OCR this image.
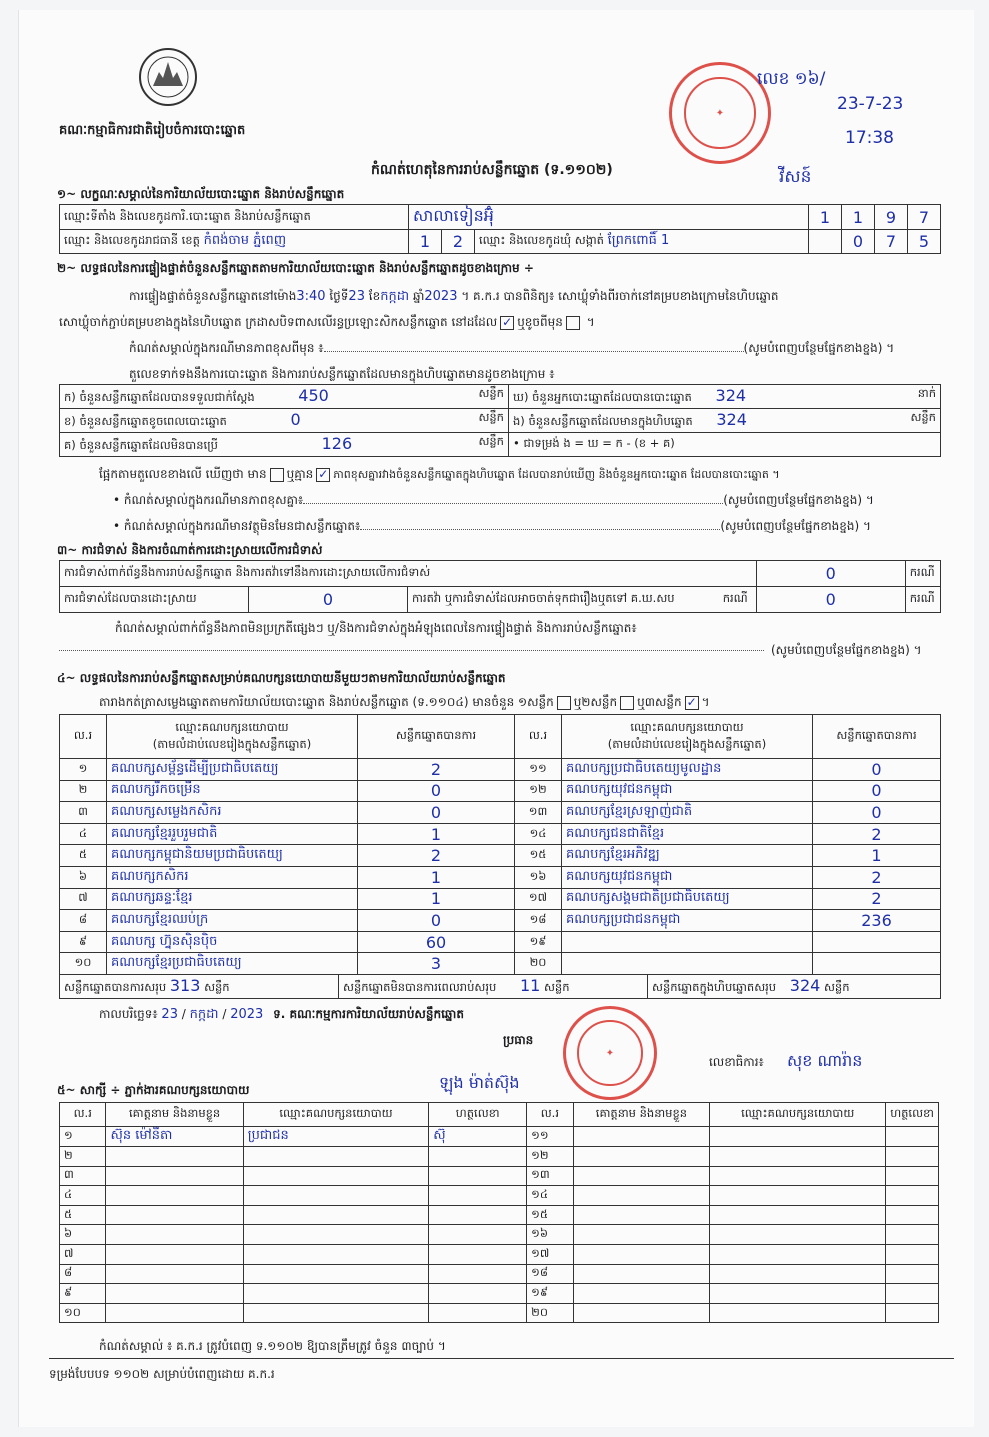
គណៈកម្មាធិការជាតិរៀបចំការបោះឆ្នោត
កំណត់ហេតុនៃការរាប់សន្លឹកឆ្នោត (ទ.១១០២)
✦
លេខ ១៦/
23-7-23
17:38
វីសន៍
១~ លក្ខណៈសម្គាល់នៃការិយាល័យបោះឆ្នោត និងរាប់សន្លឹកឆ្នោត
ឈ្មោះទីតាំង និងលេខកូដការិ.បោះឆ្នោត និងរាប់សន្លឹកឆ្នោត	សាលាទៀនអ៊ុំ			1	1	9	7
ឈ្មោះ និងលេខកូដរាជធានី ខេត្ត កំពង់ចាម ភ្នំពេញ	1	2	ឈ្មោះ និងលេខកូដឃុំ សង្កាត់ ព្រែកពោធិ៍ 1		0	7	5
២~ លទ្ធផលនៃការផ្ទៀងផ្ទាត់ចំនួនសន្លឹកឆ្នោតតាមការិយាល័យបោះឆ្នោត និងរាប់សន្លឹកឆ្នោតដូចខាងក្រោម ÷
ការផ្ទៀងផ្ទាត់ចំនួនសន្លឹកឆ្នោតនៅម៉ោង3:40 ថ្ងៃទី23 ខែកក្កដា ឆ្នាំ2023 ។ គ.ក.រ បានពិនិត្យ៖ សោឃ្លុំទាំងពីរចាក់នៅគម្របខាងក្រោមនៃហិបឆ្នោត
សោឃ្លុំចាក់ភ្ជាប់គម្របខាងក្នុងនៃហិបឆ្នោត ក្រដាសបិទពាសលើរន្ធប្រឡោះសិកសន្លឹកឆ្នោត នៅដដែល ✓ ឬខូចពីមុន ។
កំណត់សម្គាល់ក្នុងករណីមានភាពខុសពីមុន ៖	(សូមបំពេញបន្ថែមផ្នែកខាងខ្នង) ។
តួលេខទាក់ទងនឹងការបោះឆ្នោត និងការរាប់សន្លឹកឆ្នោតដែលមានក្នុងហិបឆ្នោតមានដូចខាងក្រោម ៖
ក) ចំនួនសន្លឹកឆ្នោតដែលបានទទួលជាក់ស្តែង 450 សន្លឹក	ឃ) ចំនួនអ្នកបោះឆ្នោតដែលបានបោះឆ្នោត 324 នាក់

ខ) ចំនួនសន្លឹកឆ្នោតខូចពេលបោះឆ្នោត 0 សន្លឹក	ង) ចំនួនសន្លឹកឆ្នោតដែលមានក្នុងហិបឆ្នោត 324 សន្លឹក

គ) ចំនួនសន្លឹកឆ្នោតដែលមិនបានប្រើ 126 សន្លឹក	• ជាទម្រង់ ង = ឃ = ក - (ខ + គ)
ផ្អែកតាមតួលេខខាងលើ ឃើញថា មាន ឬគ្មាន ✓ ភាពខុសគ្នារវាងចំនួនសន្លឹកឆ្នោតក្នុងហិបឆ្នោត ដែលបានរាប់ឃើញ និងចំនួនអ្នកបោះឆ្នោត ដែលបានបោះឆ្នោត ។
• កំណត់សម្គាល់ក្នុងករណីមានភាពខុសគ្នា៖	(សូមបំពេញបន្ថែមផ្នែកខាងខ្នង) ។
• កំណត់សម្គាល់ក្នុងករណីមានវត្ថុមិនមែនជាសន្លឹកឆ្នោត៖	(សូមបំពេញបន្ថែមផ្នែកខាងខ្នង) ។
៣~ ការជំទាស់ និងការចំណាត់ការដោះស្រាយលើការជំទាស់
ការជំទាស់ពាក់ព័ន្ធនឹងការរាប់សន្លឹកឆ្នោត និងការតវ៉ាទៅនឹងការដោះស្រាយលើការជំទាស់			0	ករណី
ការជំទាស់ដែលបានដោះស្រាយ	0	ករណី
ការតវ៉ា ឬការជំទាស់ដែលអាចចាត់ទុកជារឿងឬតទៅ គ.ឃ.សប	0	ករណី
កំណត់សម្គាល់ពាក់ព័ន្ធនឹងភាពមិនប្រក្រតីផ្សេងៗ ឬ/និងការជំទាស់ក្នុងអំឡុងពេលនៃការផ្ទៀងផ្ទាត់ និងការរាប់សន្លឹកឆ្នោត៖
(សូមបំពេញបន្ថែមផ្នែកខាងខ្នង) ។
៤~ លទ្ធផលនៃការរាប់សន្លឹកឆ្នោតសម្រាប់គណបក្សនយោបាយនីមួយៗតាមការិយាល័យរាប់សន្លឹកឆ្នោត
តារាងកត់ត្រាសម្លេងឆ្នោតតាមការិយាល័យបោះឆ្នោត និងរាប់សន្លឹកឆ្នោត (ទ.១១០៤) មានចំនួន ១សន្លឹក ឬ២សន្លឹក ឬ៣សន្លឹក ✓ ។
ល.រ	ឈ្មោះគណបក្សនយោបាយ
(តាមលំដាប់លេខរៀងក្នុងសន្លឹកឆ្នោត)	សន្លឹកឆ្នោតបានការ	ល.រ	ឈ្មោះគណបក្សនយោបាយ
(តាមលំដាប់លេខរៀងក្នុងសន្លឹកឆ្នោត)	សន្លឹកឆ្នោតបានការ
១	គណបក្សសម្ព័ន្ធដើម្បីប្រជាធិបតេយ្យ	2	១១	គណបក្សប្រជាធិបតេយ្យមូលដ្ឋាន	0
២	គណបក្សរីកចម្រើន	0	១២	គណបក្សយុវជនកម្ពុជា	0
៣	គណបក្សសម្លេងកសិករ	0	១៣	គណបក្សខ្មែរស្រឡាញ់ជាតិ	0
៤	គណបក្សខ្មែររួបរួមជាតិ	1	១៤	គណបក្សជនជាតិខ្មែរ	2
៥	គណបក្សកម្ពុជានិយមប្រជាធិបតេយ្យ	2	១៥	គណបក្សខ្មែរអភិវឌ្ឍ	1
៦	គណបក្សកសិករ	1	១៦	គណបក្សយុវជនកម្ពុជា	2
៧	គណបក្សឆន្ទៈខ្មែរ	1	១៧	គណបក្សសង្គមជាតិប្រជាធិបតេយ្យ	2
៨	គណបក្សខ្មែរឈប់ក្រ	0	១៨	គណបក្សប្រជាជនកម្ពុជា	236
៩	គណបក្ស ហ្វ៊ុនស៊ិនប៉ិច	60	១៩		
១០	គណបក្សខ្មែរប្រជាធិបតេយ្យ	3	២០		
សន្លឹកឆ្នោតបានការសរុប 313 សន្លឹក	សន្លឹកឆ្នោតមិនបានការពេលរាប់សរុប 11 សន្លឹក	សន្លឹកឆ្នោតក្នុងហិបឆ្នោតសរុប 324 សន្លឹក
កាលបរិច្ឆេទ៖ 23 / កក្កដា / 2023 ទ. គណៈកម្មការការិយាល័យរាប់សន្លឹកឆ្នោត
ប្រធាន
✦
ឡុង ម៉ាត់ស៊ុង
លេខាធិការ៖ សុខ ណារ៉ាន
៥~ សាក្សី ÷ ភ្នាក់ងារគណបក្សនយោបាយ
ល.រ	គោត្តនាម និងនាមខ្លួន	ឈ្មោះគណបក្សនយោបាយ	ហត្ថលេខា	ល.រ	គោត្តនាម និងនាមខ្លួន	ឈ្មោះគណបក្សនយោបាយ	ហត្ថលេខា
១	ស៊ុន ម៉ៅនីតា	ប្រជាជន	ស៊ុ	១១			
២				១២			
៣				១៣			
៤				១៤			
៥				១៥			
៦				១៦			
៧				១៧			
៨				១៨			
៩				១៩			
១០				២០			
កំណត់សម្គាល់ ៖ គ.ក.រ ត្រូវបំពេញ ទ.១១០២ ឱ្យបានត្រឹមត្រូវ ចំនួន ៣ច្បាប់ ។
ទម្រង់បែបបទ ១១០២ សម្រាប់បំពេញដោយ គ.ក.រ
